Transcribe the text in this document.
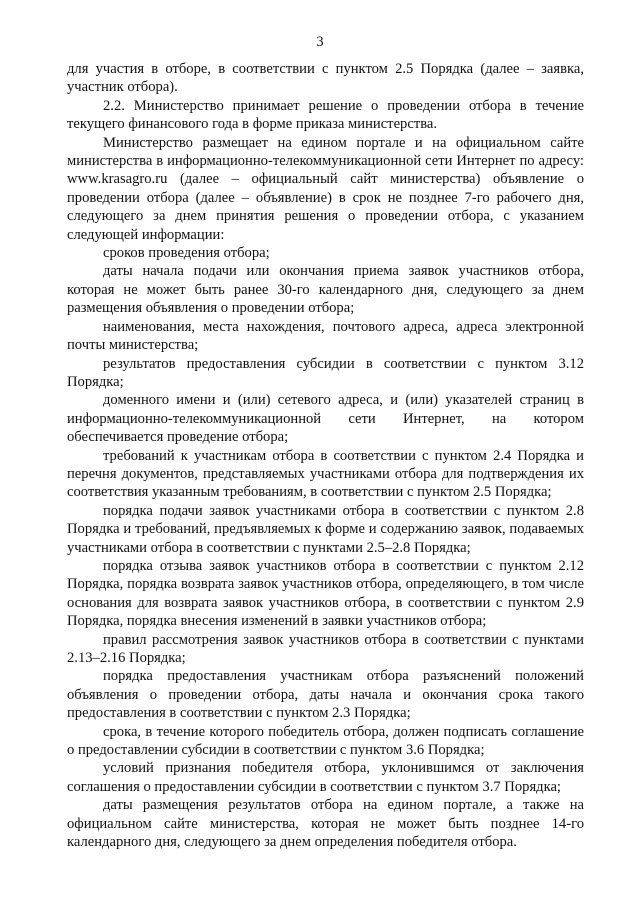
3

для участия в отборе, в соответствии с пунктом 2.5 Порядка (далее – заявка, участник отбора).

2.2. Министерство принимает решение о проведении отбора в течение текущего финансового года в форме приказа министерства.

Министерство размещает на едином портале и на официальном сайте министерства в информационно-телекоммуникационной сети Интернет по адресу: www.krasagro.ru (далее – официальный сайт министерства) объявление о проведении отбора (далее – объявление) в срок не позднее 7-го рабочего дня, следующего за днем принятия решения о проведении отбора, с указанием следующей информации:

сроков проведения отбора;

даты начала подачи или окончания приема заявок участников отбора, которая не может быть ранее 30-го календарного дня, следующего за днем размещения объявления о проведении отбора;

наименования, места нахождения, почтового адреса, адреса электронной почты министерства;

результатов предоставления субсидии в соответствии с пунктом 3.12 Порядка;

доменного имени и (или) сетевого адреса, и (или) указателей страниц в информационно-телекоммуникационной сети Интернет, на котором обеспечивается проведение отбора;

требований к участникам отбора в соответствии с пунктом 2.4 Порядка и перечня документов, представляемых участниками отбора для подтверждения их соответствия указанным требованиям, в соответствии с пунктом 2.5 Порядка;

порядка подачи заявок участниками отбора в соответствии с пунктом 2.8 Порядка и требований, предъявляемых к форме и содержанию заявок, подаваемых участниками отбора в соответствии с пунктами 2.5–2.8 Порядка;

порядка отзыва заявок участников отбора в соответствии с пунктом 2.12 Порядка, порядка возврата заявок участников отбора, определяющего, в том числе основания для возврата заявок участников отбора, в соответствии с пунктом 2.9 Порядка, порядка внесения изменений в заявки участников отбора;

правил рассмотрения заявок участников отбора в соответствии с пунктами 2.13–2.16 Порядка;

порядка предоставления участникам отбора разъяснений положений объявления о проведении отбора, даты начала и окончания срока такого предоставления в соответствии с пунктом 2.3 Порядка;

срока, в течение которого победитель отбора, должен подписать соглашение о предоставлении субсидии в соответствии с пунктом 3.6 Порядка;

условий признания победителя отбора, уклонившимся от заключения соглашения о предоставлении субсидии в соответствии с пунктом 3.7 Порядка;

даты размещения результатов отбора на едином портале, а также на официальном сайте министерства, которая не может быть позднее 14-го календарного дня, следующего за днем определения победителя отбора.
